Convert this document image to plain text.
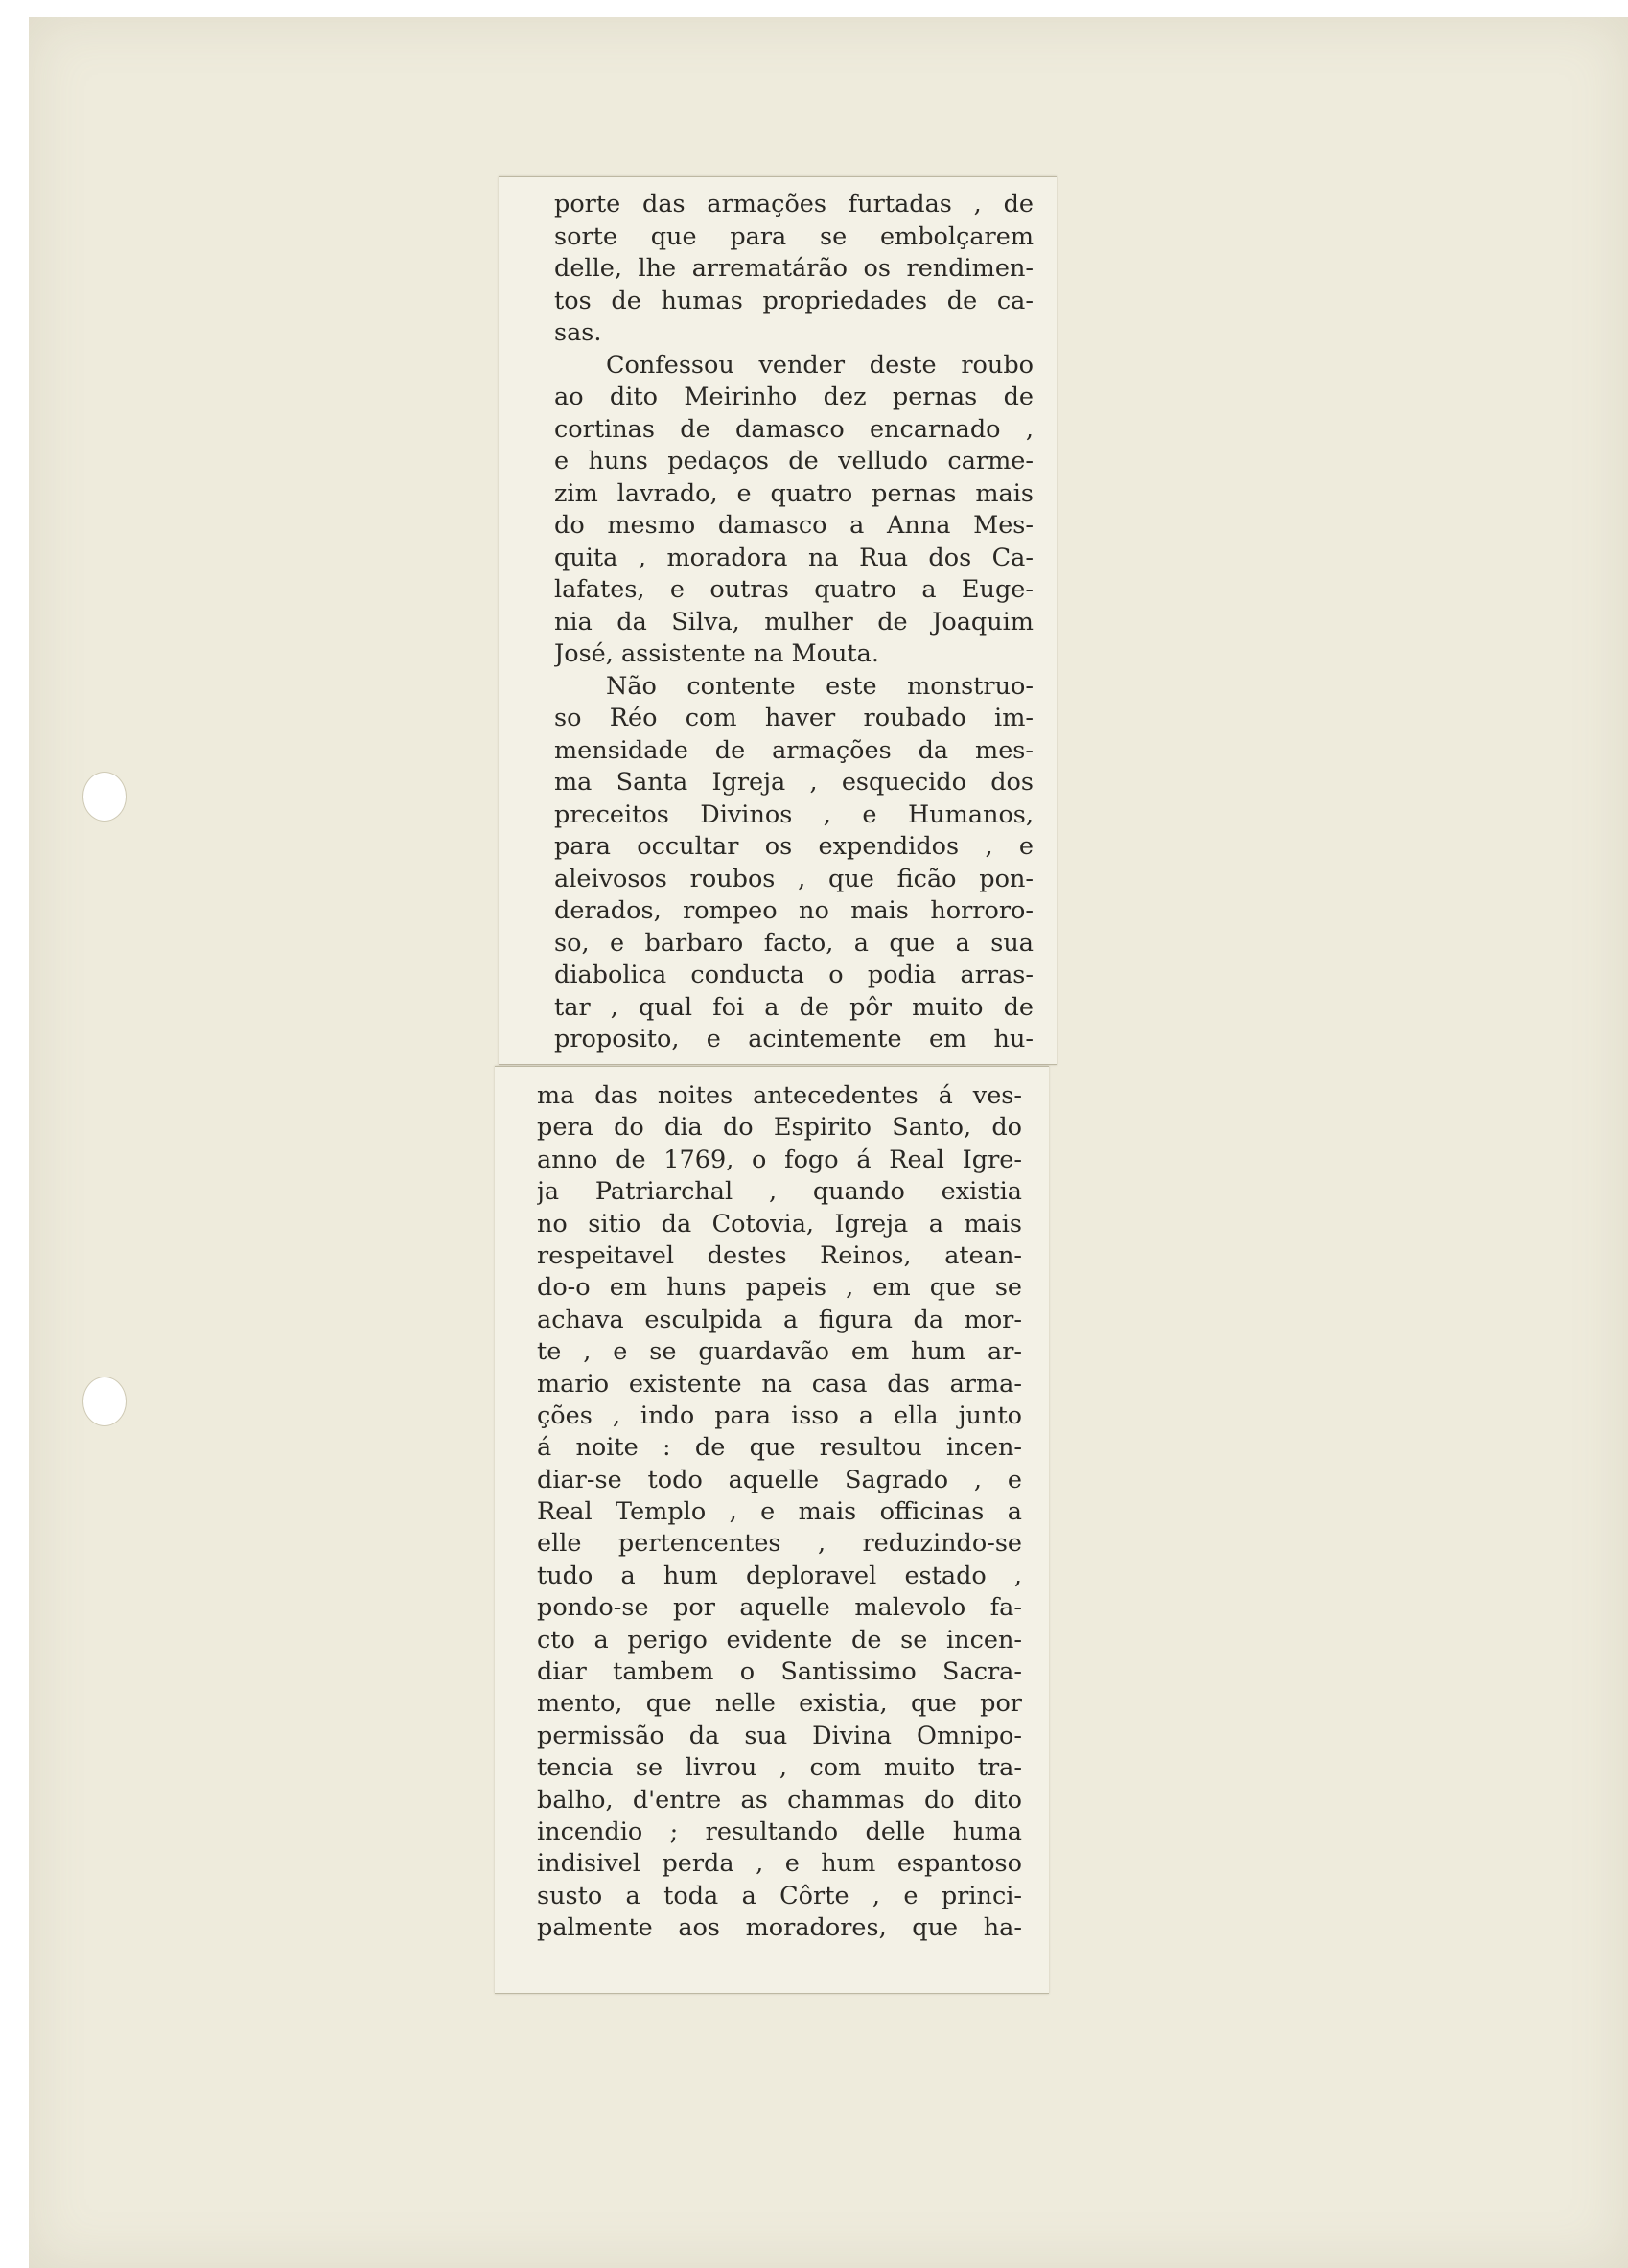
porte das armações furtadas , de
sorte que para se embolçarem
delle, lhe arrematárão os rendimen-
tos de humas propriedades de ca-
sas.
Confessou vender deste roubo
ao dito Meirinho dez pernas de
cortinas de damasco encarnado ,
e huns pedaços de velludo carme-
zim lavrado, e quatro pernas mais
do mesmo damasco a Anna Mes-
quita , moradora na Rua dos Ca-
lafates, e outras quatro a Euge-
nia da Silva, mulher de Joaquim
José, assistente na Mouta.
Não contente este monstruo-
so Réo com haver roubado im-
mensidade de armações da mes-
ma Santa Igreja , esquecido dos
preceitos Divinos , e Humanos,
para occultar os expendidos , e
aleivosos roubos , que ficão pon-
derados, rompeo no mais horroro-
so, e barbaro facto, a que a sua
diabolica conducta o podia arras-
tar , qual foi a de pôr muito de
proposito, e acintemente em hu-
ma das noites antecedentes á ves-
pera do dia do Espirito Santo, do
anno de 1769, o fogo á Real Igre-
ja Patriarchal , quando existia
no sitio da Cotovia, Igreja a mais
respeitavel destes Reinos, atean-
do-o em huns papeis , em que se
achava esculpida a figura da mor-
te , e se guardavão em hum ar-
mario existente na casa das arma-
ções , indo para isso a ella junto
á noite : de que resultou incen-
diar-se todo aquelle Sagrado , e
Real Templo , e mais officinas a
elle pertencentes , reduzindo-se
tudo a hum deploravel estado ,
pondo-se por aquelle malevolo fa-
cto a perigo evidente de se incen-
diar tambem o Santissimo Sacra-
mento, que nelle existia, que por
permissão da sua Divina Omnipo-
tencia se livrou , com muito tra-
balho, d'entre as chammas do dito
incendio ; resultando delle huma
indisivel perda , e hum espantoso
susto a toda a Côrte , e princi-
palmente aos moradores, que ha-
